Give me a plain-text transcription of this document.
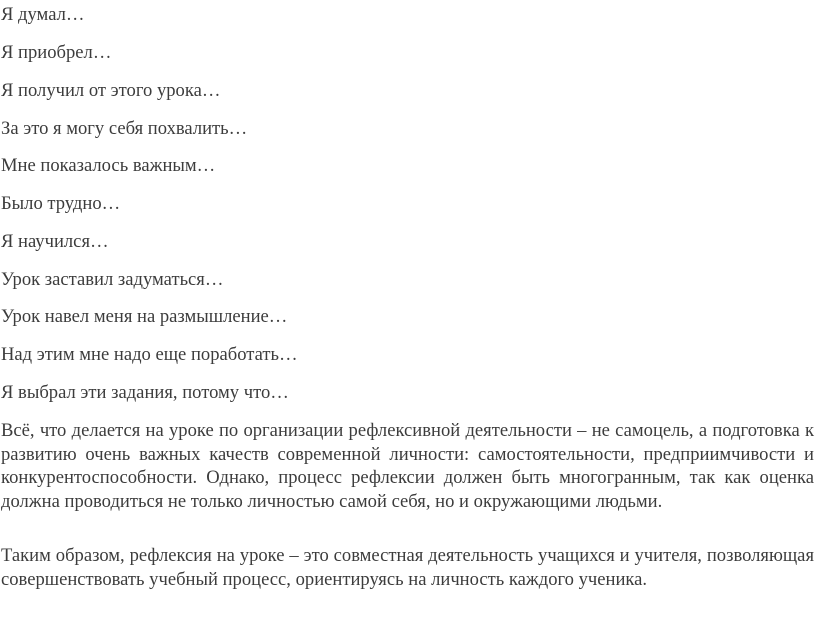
Я думал…

Я приобрел…

Я получил от этого урока…

За это я могу себя похвалить…

Мне показалось важным…

Было трудно…

Я научился…

Урок заставил задуматься…

Урок навел меня на размышление…

Над этим мне надо еще поработать…

Я выбрал эти задания, потому что…

Всё, что делается на уроке по организации рефлексивной деятельности – не самоцель, а подготовка к развитию очень важных качеств современной личности: самостоятельности, предприимчивости и конкурентоспособности. Однако, процесс рефлексии должен быть многогранным, так как оценка должна проводиться не только личностью самой себя, но и окружающими людьми.

Таким образом, рефлексия на уроке – это совместная деятельность учащихся и учителя, позволяющая совершенствовать учебный процесс, ориентируясь на личность каждого ученика.
